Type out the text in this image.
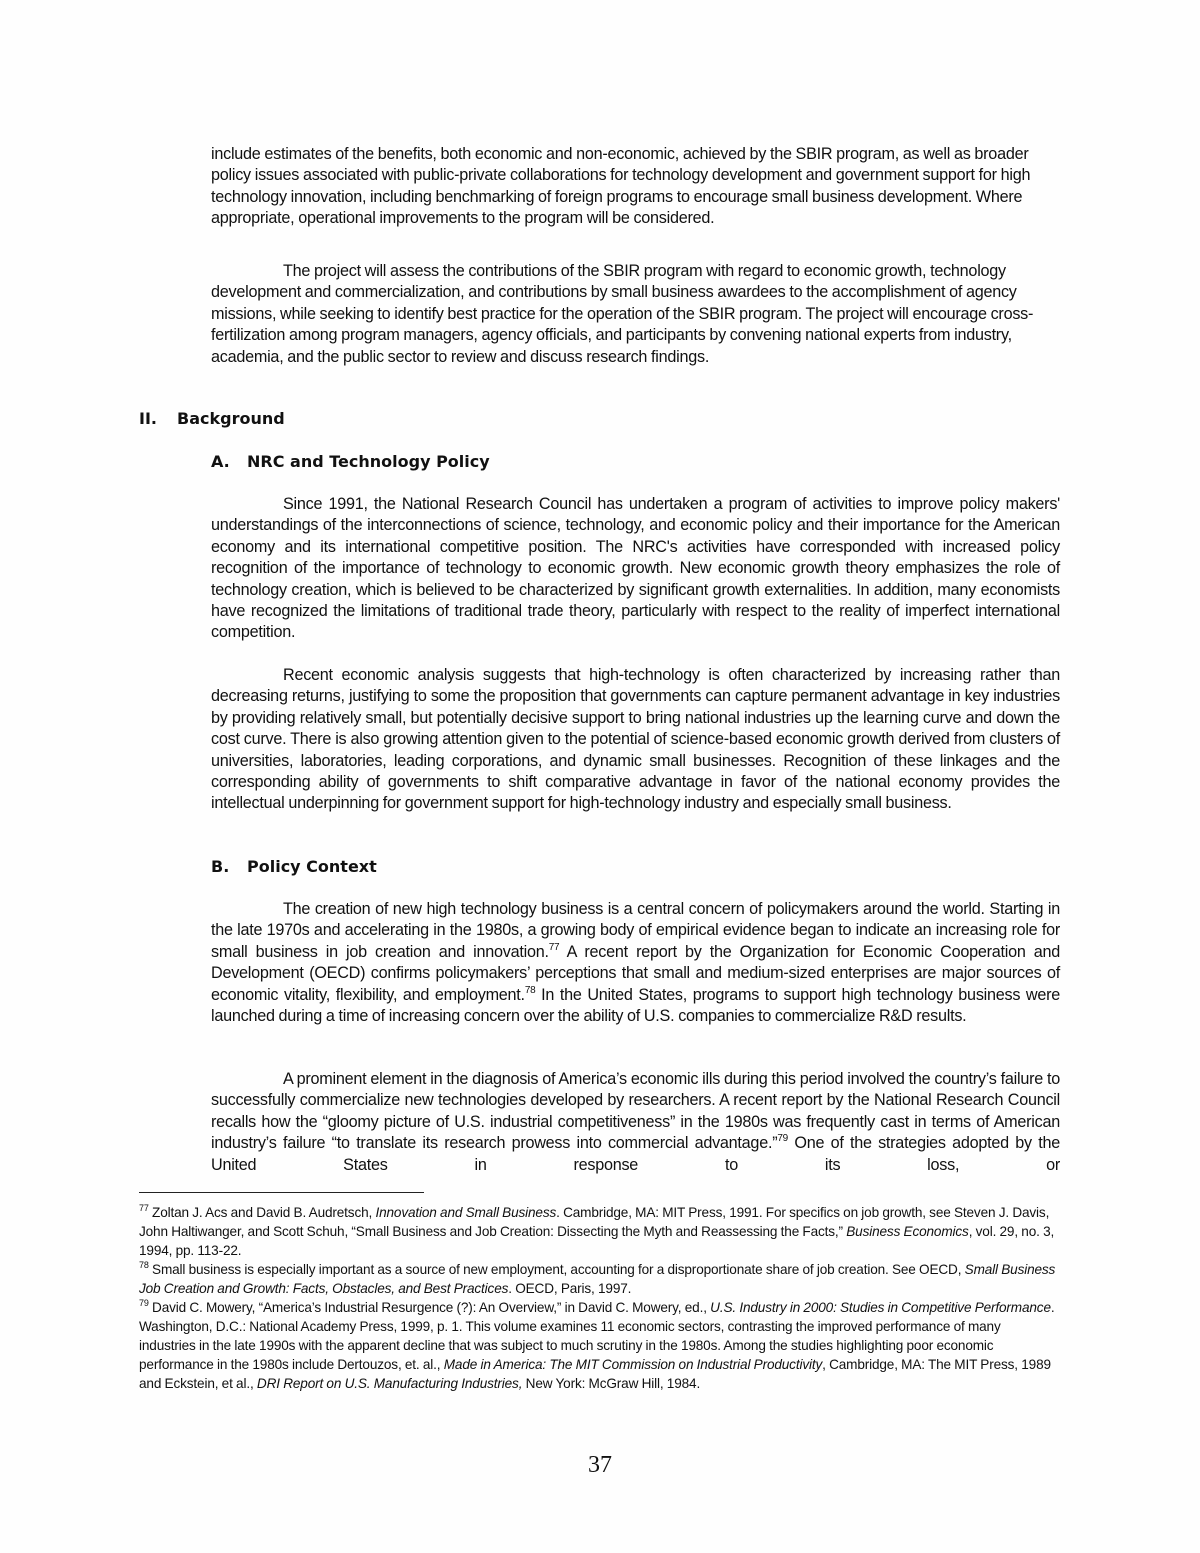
include estimates of the benefits, both economic and non-economic, achieved by the SBIR program, as well as broader policy issues associated with public-private collaborations for technology development and government support for high technology innovation, including benchmarking of foreign programs to encourage small business development. Where appropriate, operational improvements to the program will be considered.

The project will assess the contributions of the SBIR program with regard to economic growth, technology development and commercialization, and contributions by small business awardees to the accomplishment of agency missions, while seeking to identify best practice for the operation of the SBIR program. The project will encourage cross-fertilization among program managers, agency officials, and participants by convening national experts from industry, academia, and the public sector to review and discuss research findings.

II. Background
A. NRC and Technology Policy

Since 1991, the National Research Council has undertaken a program of activities to improve policy makers' understandings of the interconnections of science, technology, and economic policy and their importance for the American economy and its international competitive position. The NRC's activities have corresponded with increased policy recognition of the importance of technology to economic growth. New economic growth theory emphasizes the role of technology creation, which is believed to be characterized by significant growth externalities. In addition, many economists have recognized the limitations of traditional trade theory, particularly with respect to the reality of imperfect international competition.

Recent economic analysis suggests that high-technology is often characterized by increasing rather than decreasing returns, justifying to some the proposition that governments can capture permanent advantage in key industries by providing relatively small, but potentially decisive support to bring national industries up the learning curve and down the cost curve. There is also growing attention given to the potential of science-based economic growth derived from clusters of universities, laboratories, leading corporations, and dynamic small businesses. Recognition of these linkages and the corresponding ability of governments to shift comparative advantage in favor of the national economy provides the intellectual underpinning for government support for high-technology industry and especially small business.

B. Policy Context

The creation of new high technology business is a central concern of policymakers around the world. Starting in the late 1970s and accelerating in the 1980s, a growing body of empirical evidence began to indicate an increasing role for small business in job creation and innovation.$^{77}$ A recent report by the Organization for Economic Cooperation and Development (OECD) confirms policymakers’ perceptions that small and medium-sized enterprises are major sources of economic vitality, flexibility, and employment.$^{78}$ In the United States, programs to support high technology business were launched during a time of increasing concern over the ability of U.S. companies to commercialize R&D results.

A prominent element in the diagnosis of America’s economic ills during this period involved the country’s failure to successfully commercialize new technologies developed by researchers. A recent report by the National Research Council recalls how the “gloomy picture of U.S. industrial competitiveness” in the 1980s was frequently cast in terms of American industry’s failure “to translate its research prowess into commercial advantage.”$^{79}$ One of the strategies adopted by the United States in response to its loss, or

$^{77}$ Zoltan J. Acs and David B. Audretsch, Innovation and Small Business. Cambridge, MA: MIT Press, 1991. For specifics on job growth, see Steven J. Davis, John Haltiwanger, and Scott Schuh, “Small Business and Job Creation: Dissecting the Myth and Reassessing the Facts,” Business Economics, vol. 29, no. 3, 1994, pp. 113-22.

$^{78}$ Small business is especially important as a source of new employment, accounting for a disproportionate share of job creation. See OECD, Small Business Job Creation and Growth: Facts, Obstacles, and Best Practices. OECD, Paris, 1997.

$^{79}$ David C. Mowery, “America’s Industrial Resurgence (?): An Overview,” in David C. Mowery, ed., U.S. Industry in 2000: Studies in Competitive Performance. Washington, D.C.: National Academy Press, 1999, p. 1. This volume examines 11 economic sectors, contrasting the improved performance of many industries in the late 1990s with the apparent decline that was subject to much scrutiny in the 1980s. Among the studies highlighting poor economic performance in the 1980s include Dertouzos, et. al., Made in America: The MIT Commission on Industrial Productivity, Cambridge, MA: The MIT Press, 1989 and Eckstein, et al., DRI Report on U.S. Manufacturing Industries, New York: McGraw Hill, 1984.

37
